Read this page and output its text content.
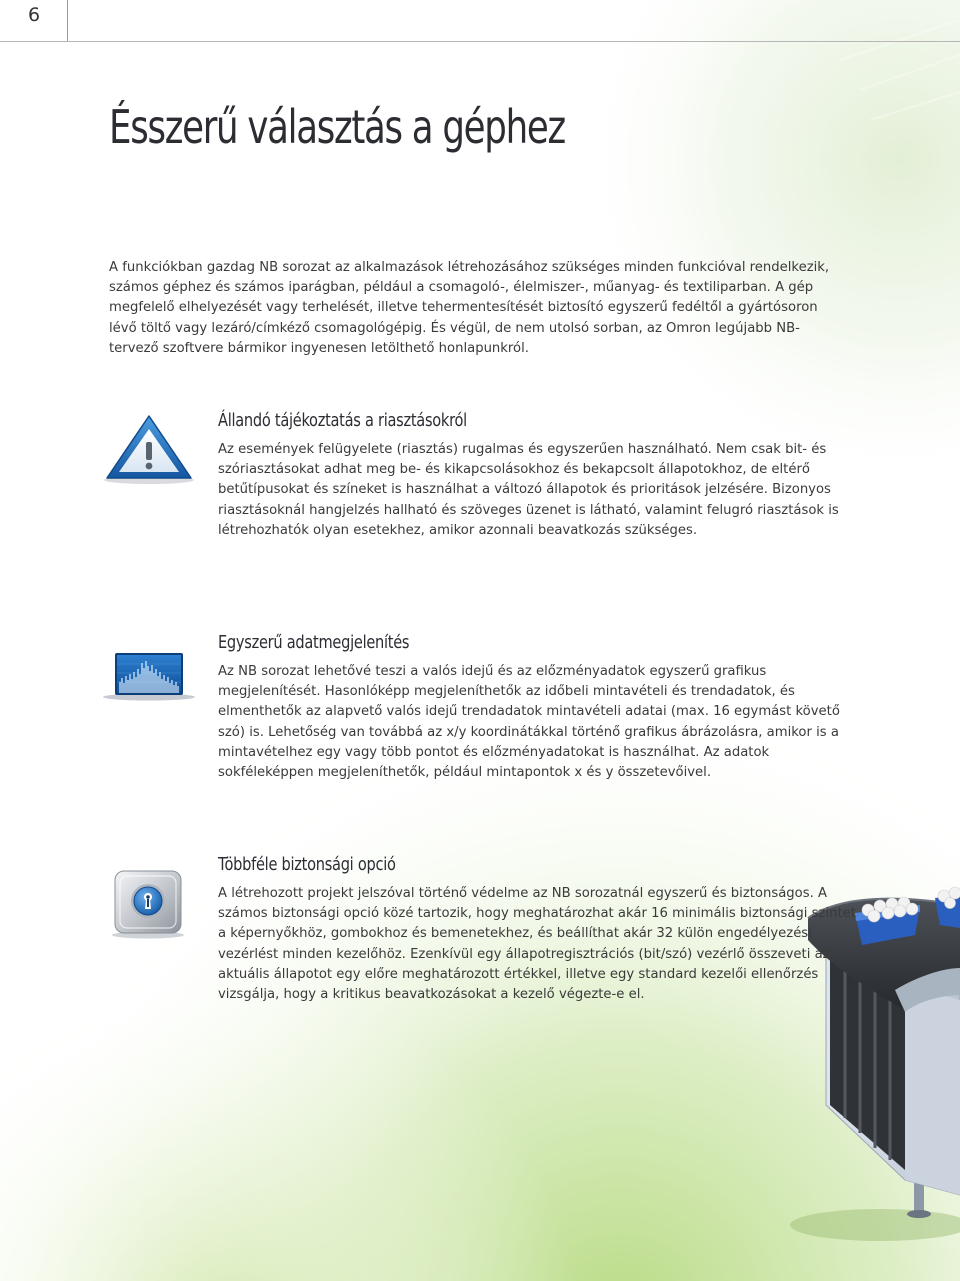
6
Ésszerű választás a géphez

A funkciókban gazdag NB sorozat az alkalmazások létrehozásához szükséges minden funkcióval rendelkezik, számos géphez és számos iparágban, például a csomagoló-, élelmiszer-, műanyag- és textiliparban. A gép megfelelő elhelyezését vagy terhelését, illetve tehermentesítését biztosító egyszerű fedéltől a gyártósoron lévő töltő vagy lezáró/címkéző csomagológépig. És végül, de nem utolsó sorban, az Omron legújabb NB-tervező szoftvere bármikor ingyenesen letölthető honlapunkról.

Állandó tájékoztatás a riasztásokról

Az események felügyelete (riasztás) rugalmas és egyszerűen használható. Nem csak bit- és szóriasztásokat adhat meg be- és kikapcsolásokhoz és bekapcsolt állapotokhoz, de eltérő betűtípusokat és színeket is használhat a változó állapotok és prioritások jelzésére. Bizonyos riasztásoknál hangjelzés hallható és szöveges üzenet is látható, valamint felugró riasztások is létrehozhatók olyan esetekhez, amikor azonnali beavatkozás szükséges.

Egyszerű adatmegjelenítés

Az NB sorozat lehetővé teszi a valós idejű és az előzményadatok egyszerű grafikus megjelenítését. Hasonlóképp megjeleníthetők az időbeli mintavételi és trendadatok, és elmenthetők az alapvető valós idejű trendadatok mintavételi adatai (max. 16 egymást követő szó) is. Lehetőség van továbbá az x/y koordinátákkal történő grafikus ábrázolásra, amikor is a mintavételhez egy vagy több pontot és előzményadatokat is használhat. Az adatok sokféleképpen megjeleníthetők, például mintapontok x és y összetevőivel.

Többféle biztonsági opció

A létrehozott projekt jelszóval történő védelme az NB sorozatnál egyszerű és biztonságos. A számos biztonsági opció közé tartozik, hogy meghatározhat akár 16 minimális biztonsági szintet a képernyőkhöz, gombokhoz és bemenetekhez, és beállíthat akár 32 külön engedélyezési vezérlést minden kezelőhöz. Ezenkívül egy állapotregisztrációs (bit/szó) vezérlő összeveti az aktuális állapotot egy előre meghatározott értékkel, illetve egy standard kezelői ellenőrzés vizsgálja, hogy a kritikus beavatkozásokat a kezelő végezte-e el.
